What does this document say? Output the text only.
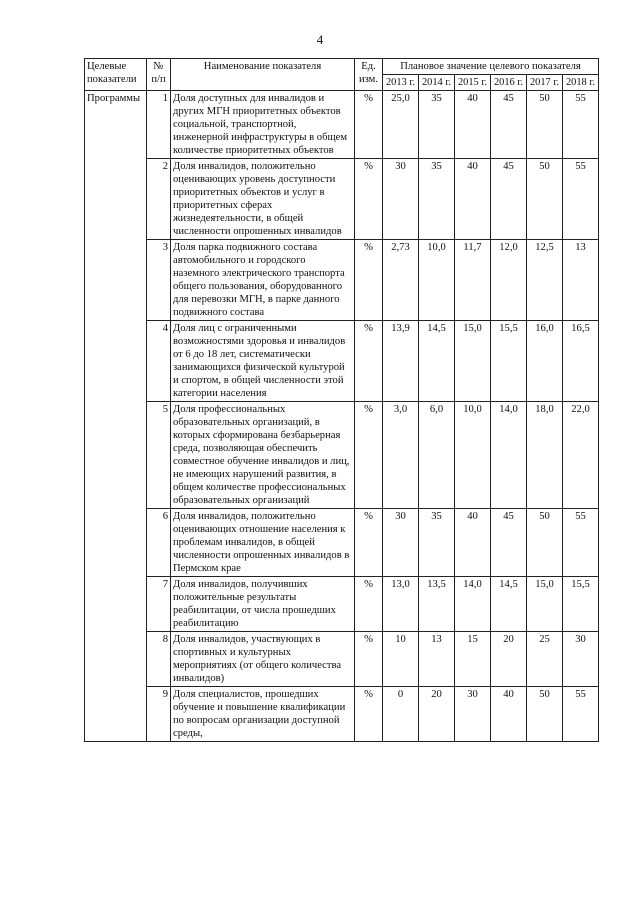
4
Целевые показатели	№ п/п	Наименование показателя	Ед. изм.	Плановое значение целевого показателя					
				2013 г.	2014 г.	2015 г.	2016 г.	2017 г.	2018 г.
Программы	1	Доля доступных для инвалидов и других МГН приоритетных объектов социальной, транспортной, инженерной инфраструктуры в общем количестве приоритетных объектов	%	25,0	35	40	45	50	55
	2	Доля инвалидов, положительно оценивающих уровень доступности приоритетных объектов и услуг в приоритетных сферах жизнедеятельности, в общей численности опрошенных инвалидов	%	30	35	40	45	50	55
	3	Доля парка подвижного состава автомобильного и городского наземного электрического транспорта общего пользования, оборудованного для перевозки МГН, в парке данного подвижного состава	%	2,73	10,0	11,7	12,0	12,5	13
	4	Доля лиц с ограниченными возможностями здоровья и инвалидов от 6 до 18 лет, систематически занимающихся физической культурой и спортом, в общей численности этой категории населения	%	13,9	14,5	15,0	15,5	16,0	16,5
	5	Доля профессиональных образовательных организаций, в которых сформирована безбарьерная среда, позволяющая обеспечить совместное обучение инвалидов и лиц, не имеющих нарушений развития, в общем количестве профессиональных образовательных организаций	%	3,0	6,0	10,0	14,0	18,0	22,0
	6	Доля инвалидов, положительно оценивающих отношение населения к проблемам инвалидов, в общей численности опрошенных инвалидов в Пермском крае	%	30	35	40	45	50	55
	7	Доля инвалидов, получивших положительные результаты реабилитации, от числа прошедших реабилитацию	%	13,0	13,5	14,0	14,5	15,0	15,5
	8	Доля инвалидов, участвующих в спортивных и культурных мероприятиях (от общего количества инвалидов)	%	10	13	15	20	25	30
	9	Доля специалистов, прошедших обучение и повышение квалификации по вопросам организации доступной среды,	%	0	20	30	40	50	55
